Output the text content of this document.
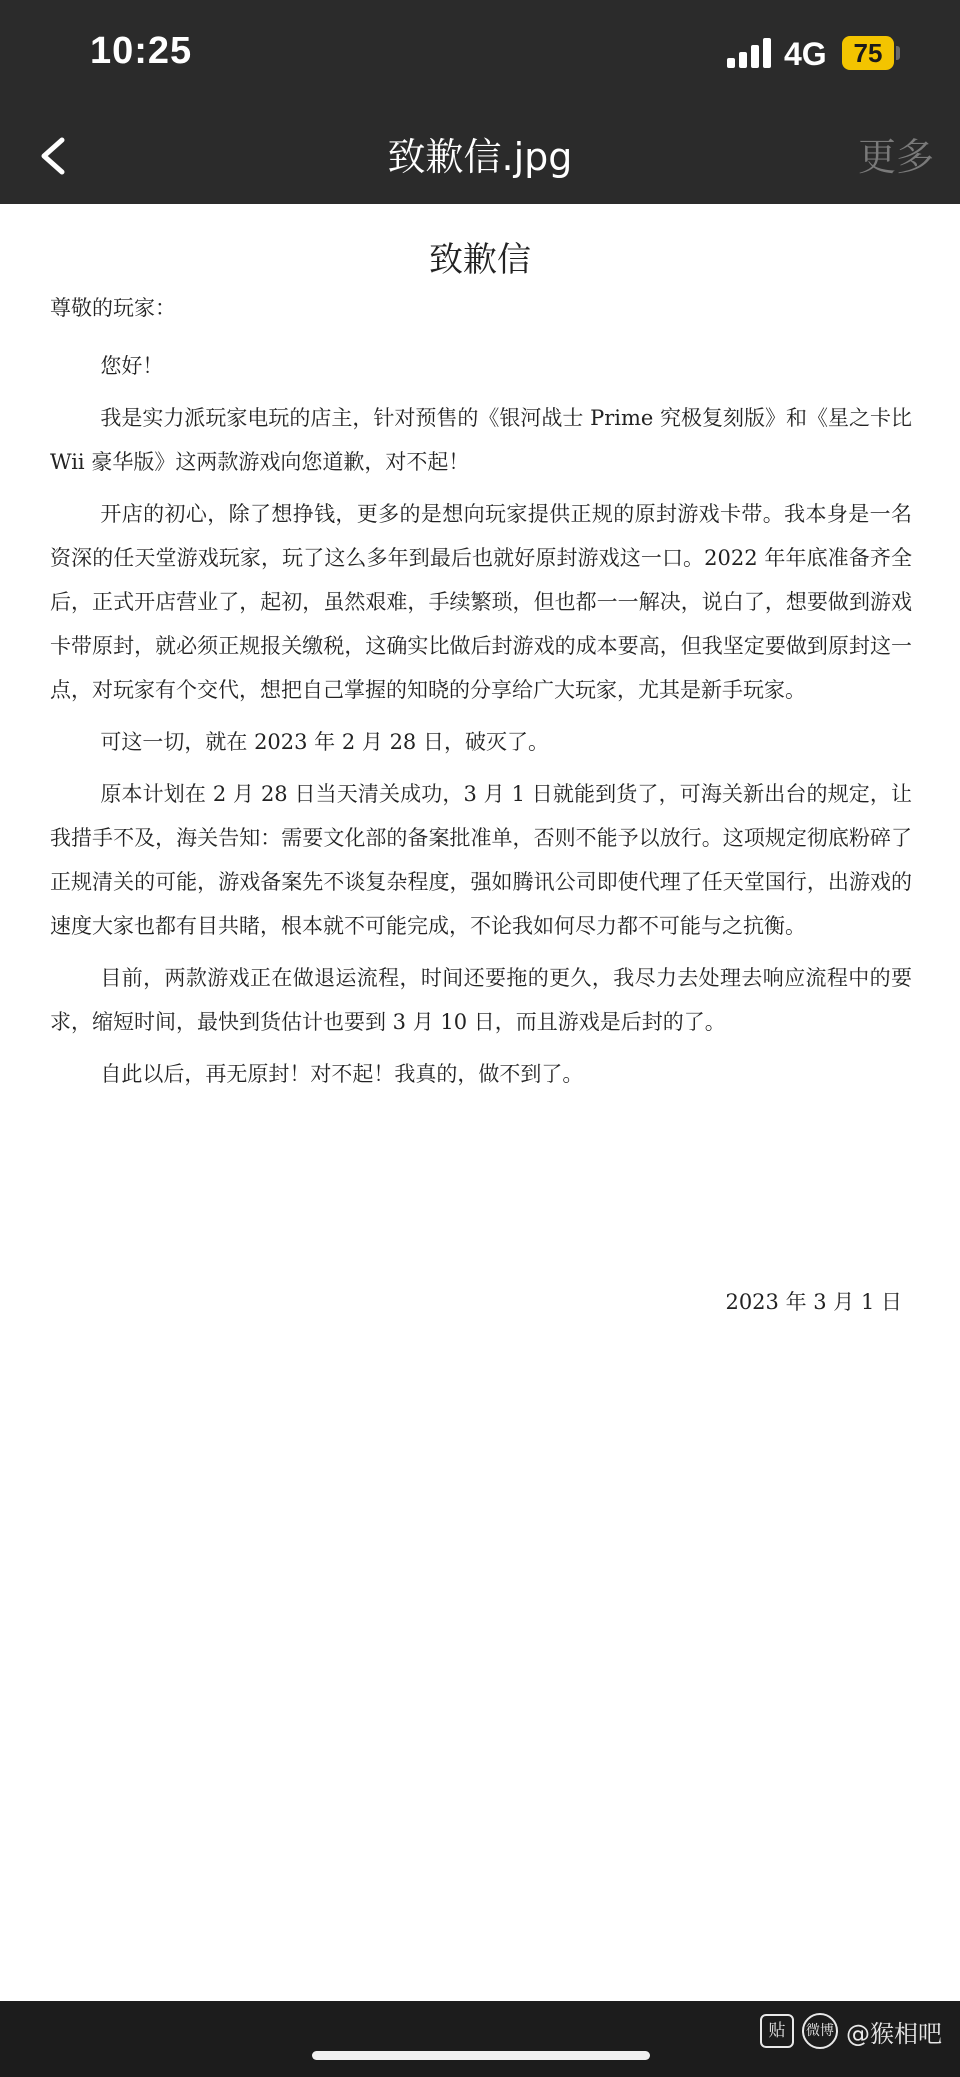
10:25	4G	75
致歉信.jpg	更多
致歉信

尊敬的玩家：

您好！

我是实力派玩家电玩的店主，针对预售的《银河战士 Prime 究极复刻版》和《星之卡比 Wii 豪华版》这两款游戏向您道歉，对不起！

开店的初心，除了想挣钱，更多的是想向玩家提供正规的原封游戏卡带。我本身是一名资深的任天堂游戏玩家，玩了这么多年到最后也就好原封游戏这一口。2022 年年底准备齐全后，正式开店营业了，起初，虽然艰难，手续繁琐，但也都一一解决，说白了，想要做到游戏卡带原封，就必须正规报关缴税，这确实比做后封游戏的成本要高，但我坚定要做到原封这一点，对玩家有个交代，想把自己掌握的知晓的分享给广大玩家，尤其是新手玩家。

可这一切，就在 2023 年 2 月 28 日，破灭了。

原本计划在 2 月 28 日当天清关成功，3 月 1 日就能到货了，可海关新出台的规定，让我措手不及，海关告知：需要文化部的备案批准单，否则不能予以放行。这项规定彻底粉碎了正规清关的可能，游戏备案先不谈复杂程度，强如腾讯公司即使代理了任天堂国行，出游戏的速度大家也都有目共睹，根本就不可能完成，不论我如何尽力都不可能与之抗衡。

目前，两款游戏正在做退运流程，时间还要拖的更久，我尽力去处理去响应流程中的要求，缩短时间，最快到货估计也要到 3 月 10 日，而且游戏是后封的了。

自此以后，再无原封！对不起！我真的，做不到了。

2023 年 3 月 1 日
贴	微博 @猴相吧
